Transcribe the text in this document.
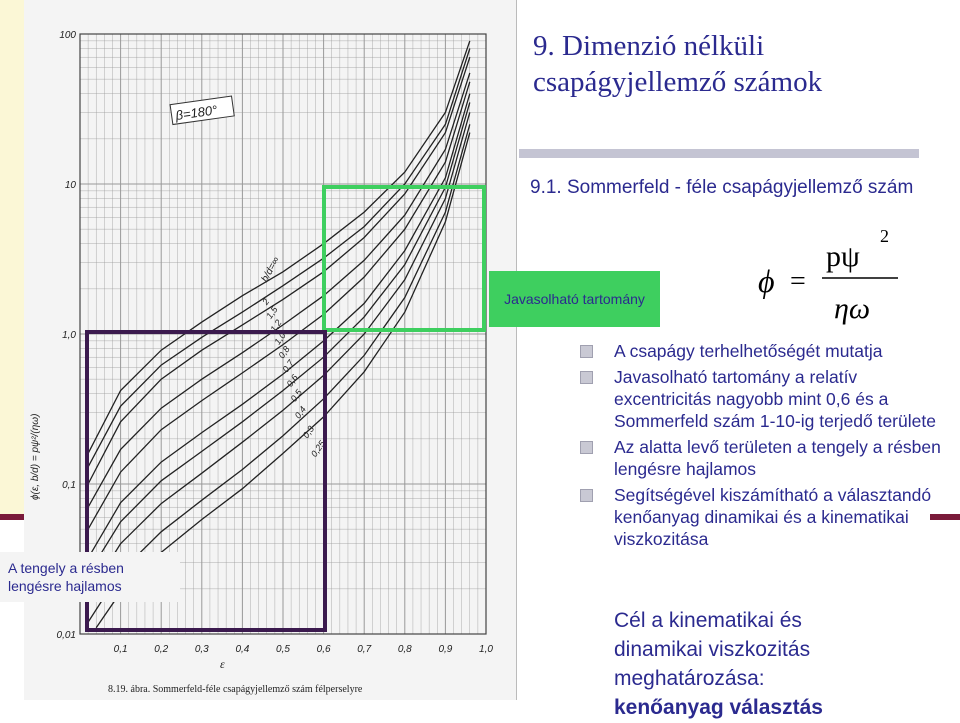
100
10
1,0
0,1
0,01
0,1	0,2	0,3	0,4	0,5	0,6	0,7	0,8	0,9	1,0
b/d=∞
2
1,5
1,2
1,0
0,8
0,7
0,6
0,5
0,4
0,3
0,25
β=180°
ϕ(ε, b/d) = pψ²/(ηω)
ε
8.19. ábra. Sommerfeld-féle csapágyjellemző szám félperselyre
9. Dimenzió nélküli csapágyjellemző számok
9.1. Sommerfeld - féle csapágyjellemző szám
Javasolható tartomány	ϕ =
pψ
2
ηω
A csapágy terhelhetőségét mutatja
Javasolható tartomány a relatív excentricitás nagyobb mint 0,6 és a Sommerfeld szám 1-10-ig terjedő területe
Az alatta levő területen a tengely a résben lengésre hajlamos
Segítségével kiszámítható a választandó kenőanyag dinamikai és a kinematikai viszkozitása
Cél a kinematikai és
dinamikai viszkozitás
meghatározása:
kenőanyag választás
A tengely a résben lengésre hajlamos
